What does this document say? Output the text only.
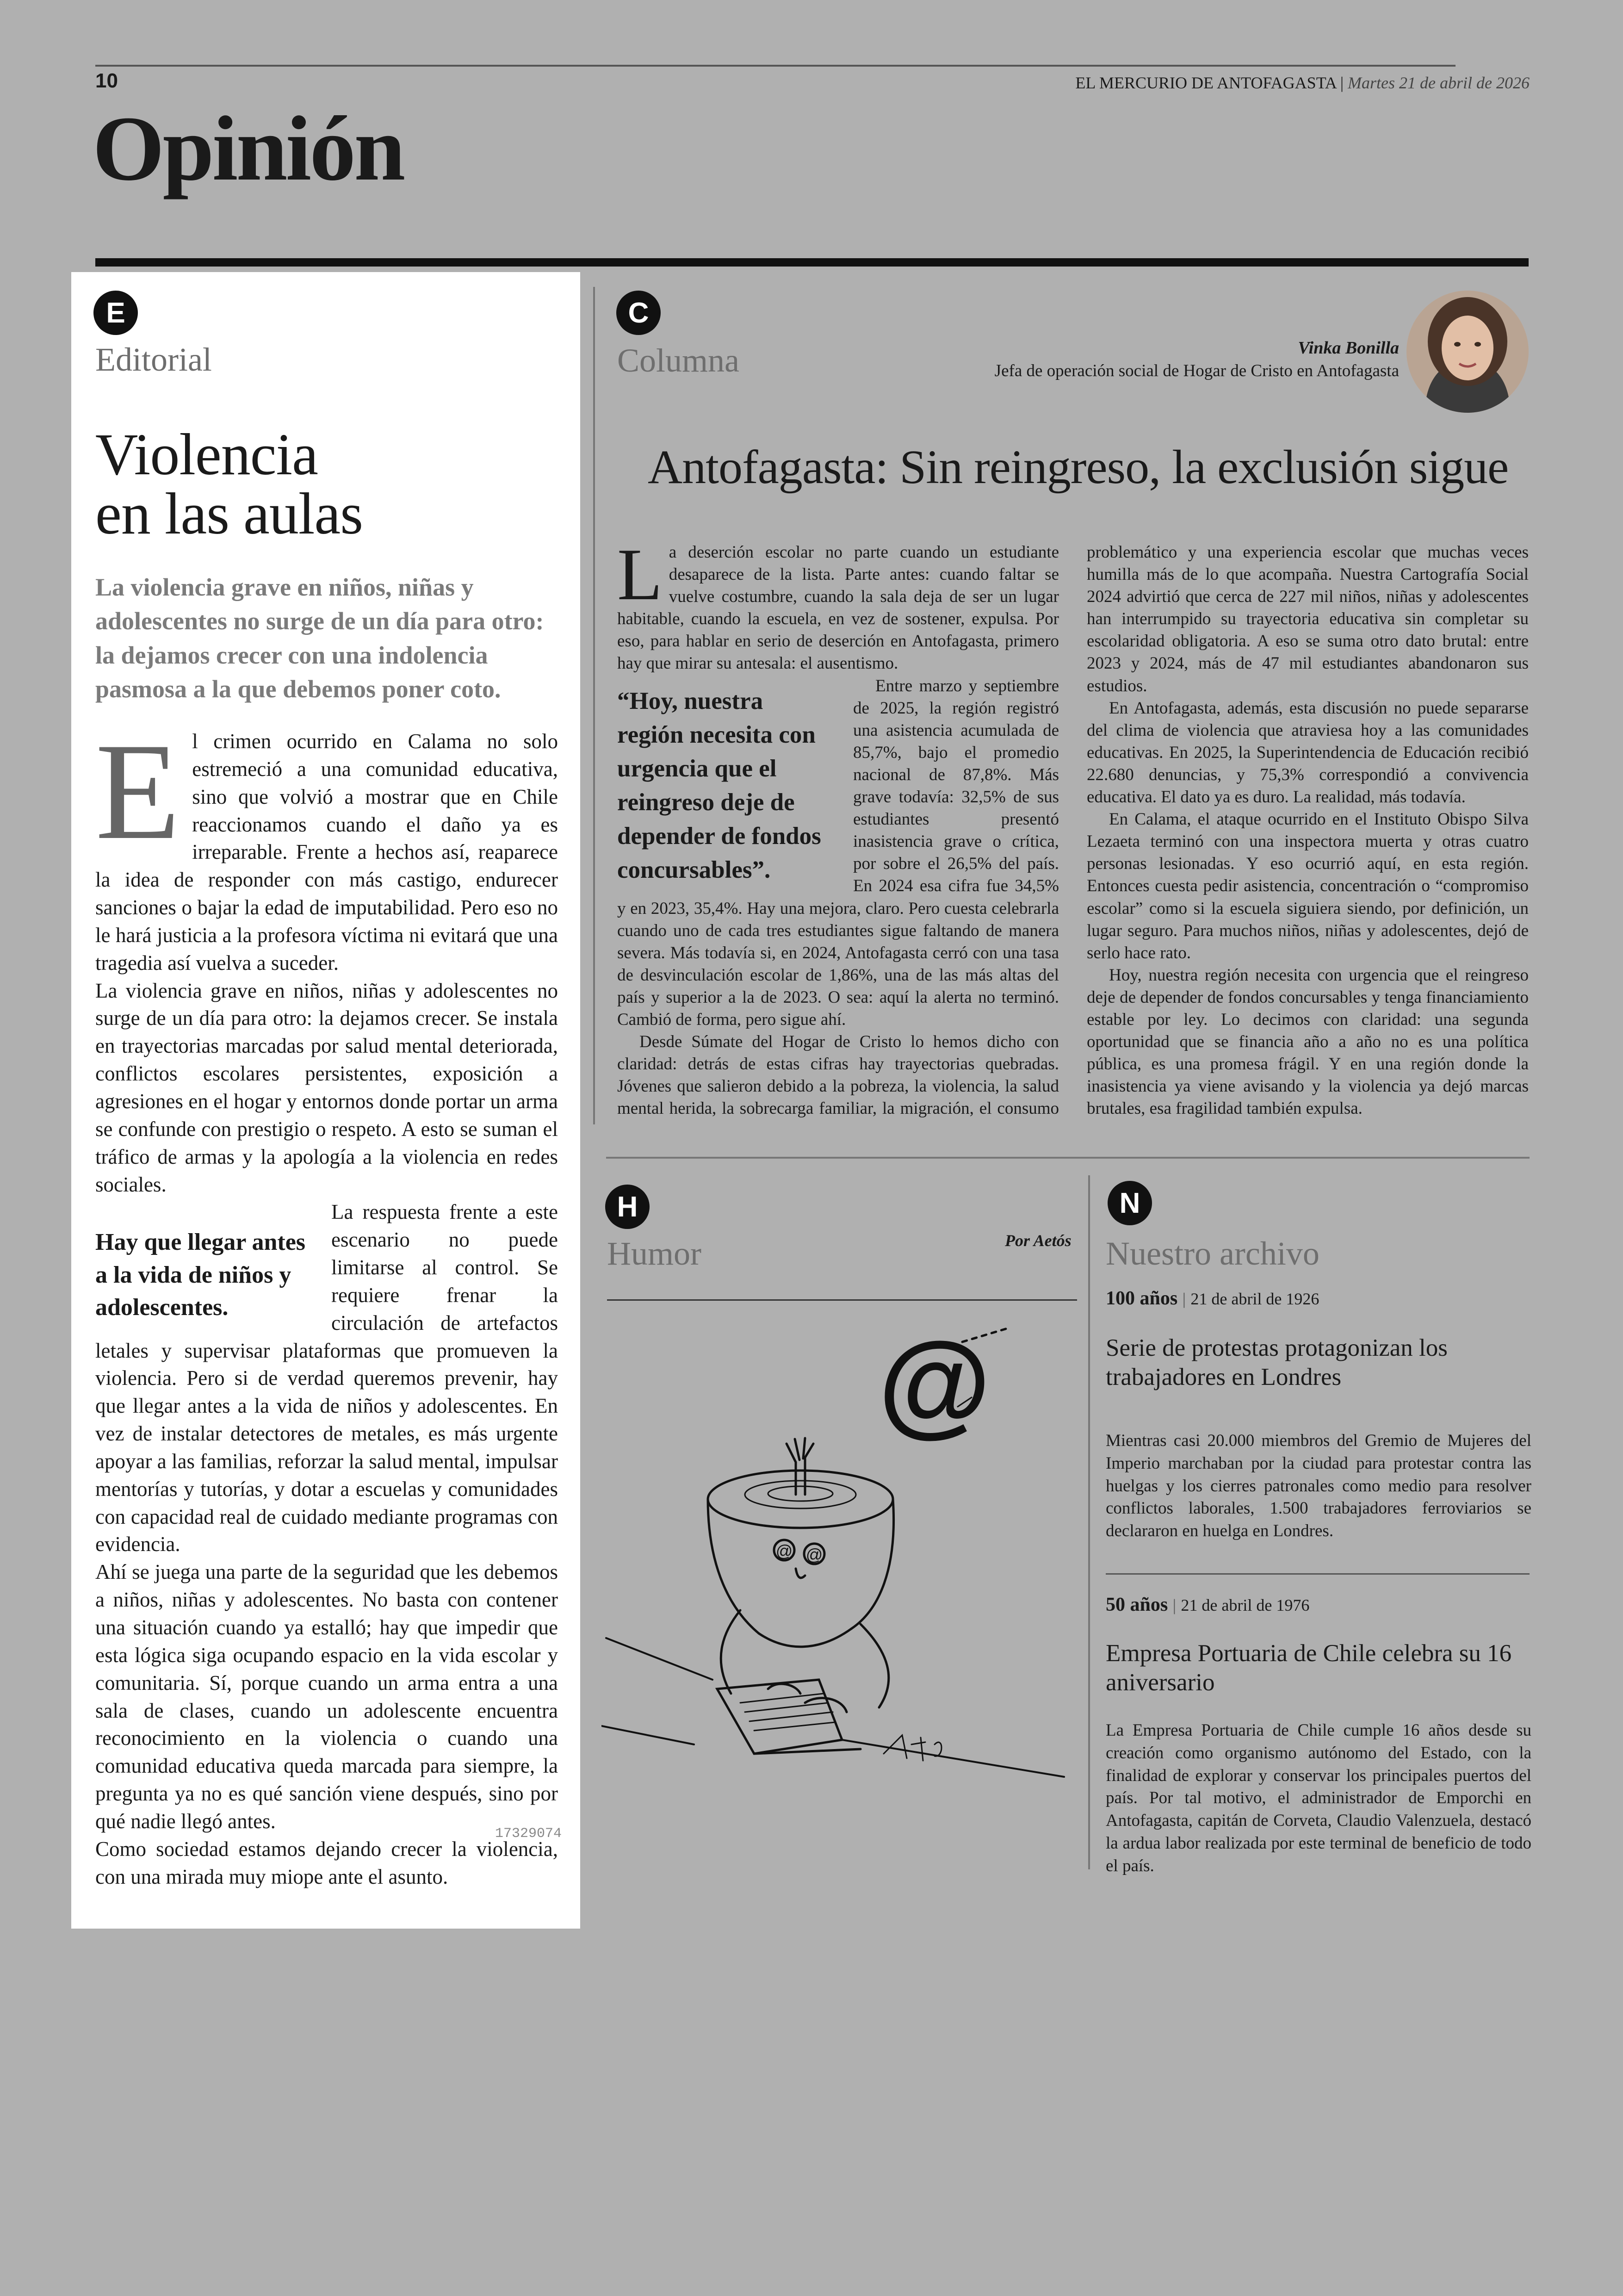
10	EL MERCURIO DE ANTOFAGASTA | Martes 21 de abril de 2026
Opinión
E
Editorial
Violencia
en las aulas
La violencia grave en niños, niñas y adolescentes no surge de un día para otro: la dejamos crecer con una indolencia pasmosa a la que debemos poner coto.

El crimen ocurrido en Calama no solo estremeció a una comunidad educativa, sino que volvió a mostrar que en Chile reaccionamos cuando el daño ya es irreparable. Frente a hechos así, reaparece la idea de responder con más castigo, endurecer sanciones o bajar la edad de imputabilidad. Pero eso no le hará justicia a la profesora víctima ni evitará que una tragedia así vuelva a suceder.

La violencia grave en niños, niñas y adolescentes no surge de un día para otro: la dejamos crecer. Se instala en trayectorias marcadas por salud mental deteriorada, conflictos escolares persistentes, exposición a agresiones en el hogar y entornos donde portar un arma se confunde con prestigio o respeto. A esto se suman el tráfico de armas y la apología a la violencia en redes sociales.

Hay que llegar antes a la vida de niños y adolescentes.

La respuesta frente a este escenario no puede limitarse al control. Se requiere frenar la circulación de artefactos letales y supervisar plataformas que promueven la violencia. Pero si de verdad queremos prevenir, hay que llegar antes a la vida de niños y adolescentes. En vez de instalar detectores de metales, es más urgente apoyar a las familias, reforzar la salud mental, impulsar mentorías y tutorías, y dotar a escuelas y comunidades con capacidad real de cuidado mediante programas con evidencia.

Ahí se juega una parte de la seguridad que les debemos a niños, niñas y adolescentes. No basta con contener una situación cuando ya estalló; hay que impedir que esta lógica siga ocupando espacio en la vida escolar y comunitaria. Sí, porque cuando un arma entra a una sala de clases, cuando un adolescente encuentra reconocimiento en la violencia o cuando una comunidad educativa queda marcada para siempre, la pregunta ya no es qué sanción viene después, sino por qué nadie llegó antes.

Como sociedad estamos dejando crecer la violencia, con una mirada muy miope ante el asunto.

17329074
C
Columna	Vinka Bonilla
Jefa de operación social de Hogar de Cristo en Antofagasta
Antofagasta: Sin reingreso, la exclusión sigue

La deserción escolar no parte cuando un estudiante desaparece de la lista. Parte antes: cuando faltar se vuelve costumbre, cuando la sala deja de ser un lugar habitable, cuando la escuela, en vez de sostener, expulsa. Por eso, para hablar en serio de deserción en Antofagasta, primero hay que mirar su antesala: el ausentismo.

“Hoy, nuestra región necesita con urgencia que el reingreso deje de depender de fondos concursables”.

Entre marzo y septiembre de 2025, la región registró una asistencia acumulada de 85,7%, bajo el promedio nacional de 87,8%. Más grave todavía: 32,5% de sus estudiantes presentó inasistencia grave o crítica, por sobre el 26,5% del país. En 2024 esa cifra fue 34,5% y en 2023, 35,4%. Hay una mejora, claro. Pero cuesta celebrarla cuando uno de cada tres estudiantes sigue faltando de manera severa. Más todavía si, en 2024, Antofagasta cerró con una tasa de desvinculación escolar de 1,86%, una de las más altas del país y superior a la de 2023. O sea: aquí la alerta no terminó. Cambió de forma, pero sigue ahí.

Desde Súmate del Hogar de Cristo lo hemos dicho con claridad: detrás de estas cifras hay trayectorias quebradas. Jóvenes que salieron debido a la pobreza, la violencia, la salud mental herida, la sobrecarga familiar, la migración, el consumo problemático y una experiencia escolar que muchas veces humilla más de lo que acompaña. Nuestra Cartografía Social 2024 advirtió que cerca de 227 mil niños, niñas y adolescentes han interrumpido su trayectoria educativa sin completar su escolaridad obligatoria. A eso se suma otro dato brutal: entre 2023 y 2024, más de 47 mil estudiantes abandonaron sus estudios.

En Antofagasta, además, esta discusión no puede separarse del clima de violencia que atraviesa hoy a las comunidades educativas. En 2025, la Superintendencia de Educación recibió 22.680 denuncias, y 75,3% correspondió a convivencia educativa. El dato ya es duro. La realidad, más todavía.

En Calama, el ataque ocurrido en el Instituto Obispo Silva Lezaeta terminó con una inspectora muerta y otras cuatro personas lesionadas. Y eso ocurrió aquí, en esta región. Entonces cuesta pedir asistencia, concentración o “compromiso escolar” como si la escuela siguiera siendo, por definición, un lugar seguro. Para muchos niños, niñas y adolescentes, dejó de serlo hace rato.

Hoy, nuestra región necesita con urgencia que el reingreso deje de depender de fondos concursables y tenga financiamiento estable por ley. Lo decimos con claridad: una segunda oportunidad que se financia año a año no es una política pública, es una promesa frágil. Y en una región donde la inasistencia ya viene avisando y la violencia ya dejó marcas brutales, esa fragilidad también expulsa.

H
Humor	Por Aetós
@
@ @
N
Nuestro archivo
100 años | 21 de abril de 1926
Serie de protestas protagonizan los trabajadores en Londres
Mientras casi 20.000 miembros del Gremio de Mujeres del Imperio marchaban por la ciudad para protestar contra las huelgas y los cierres patronales como medio para resolver conflictos laborales, 1.500 trabajadores ferroviarios se declararon en huelga en Londres.
50 años | 21 de abril de 1976
Empresa Portuaria de Chile celebra su 16 aniversario
La Empresa Portuaria de Chile cumple 16 años desde su creación como organismo autónomo del Estado, con la finalidad de explorar y conservar los principales puertos del país. Por tal motivo, el administrador de Emporchi en Antofagasta, capitán de Corveta, Claudio Valenzuela, destacó la ardua labor realizada por este terminal de beneficio de todo el país.
